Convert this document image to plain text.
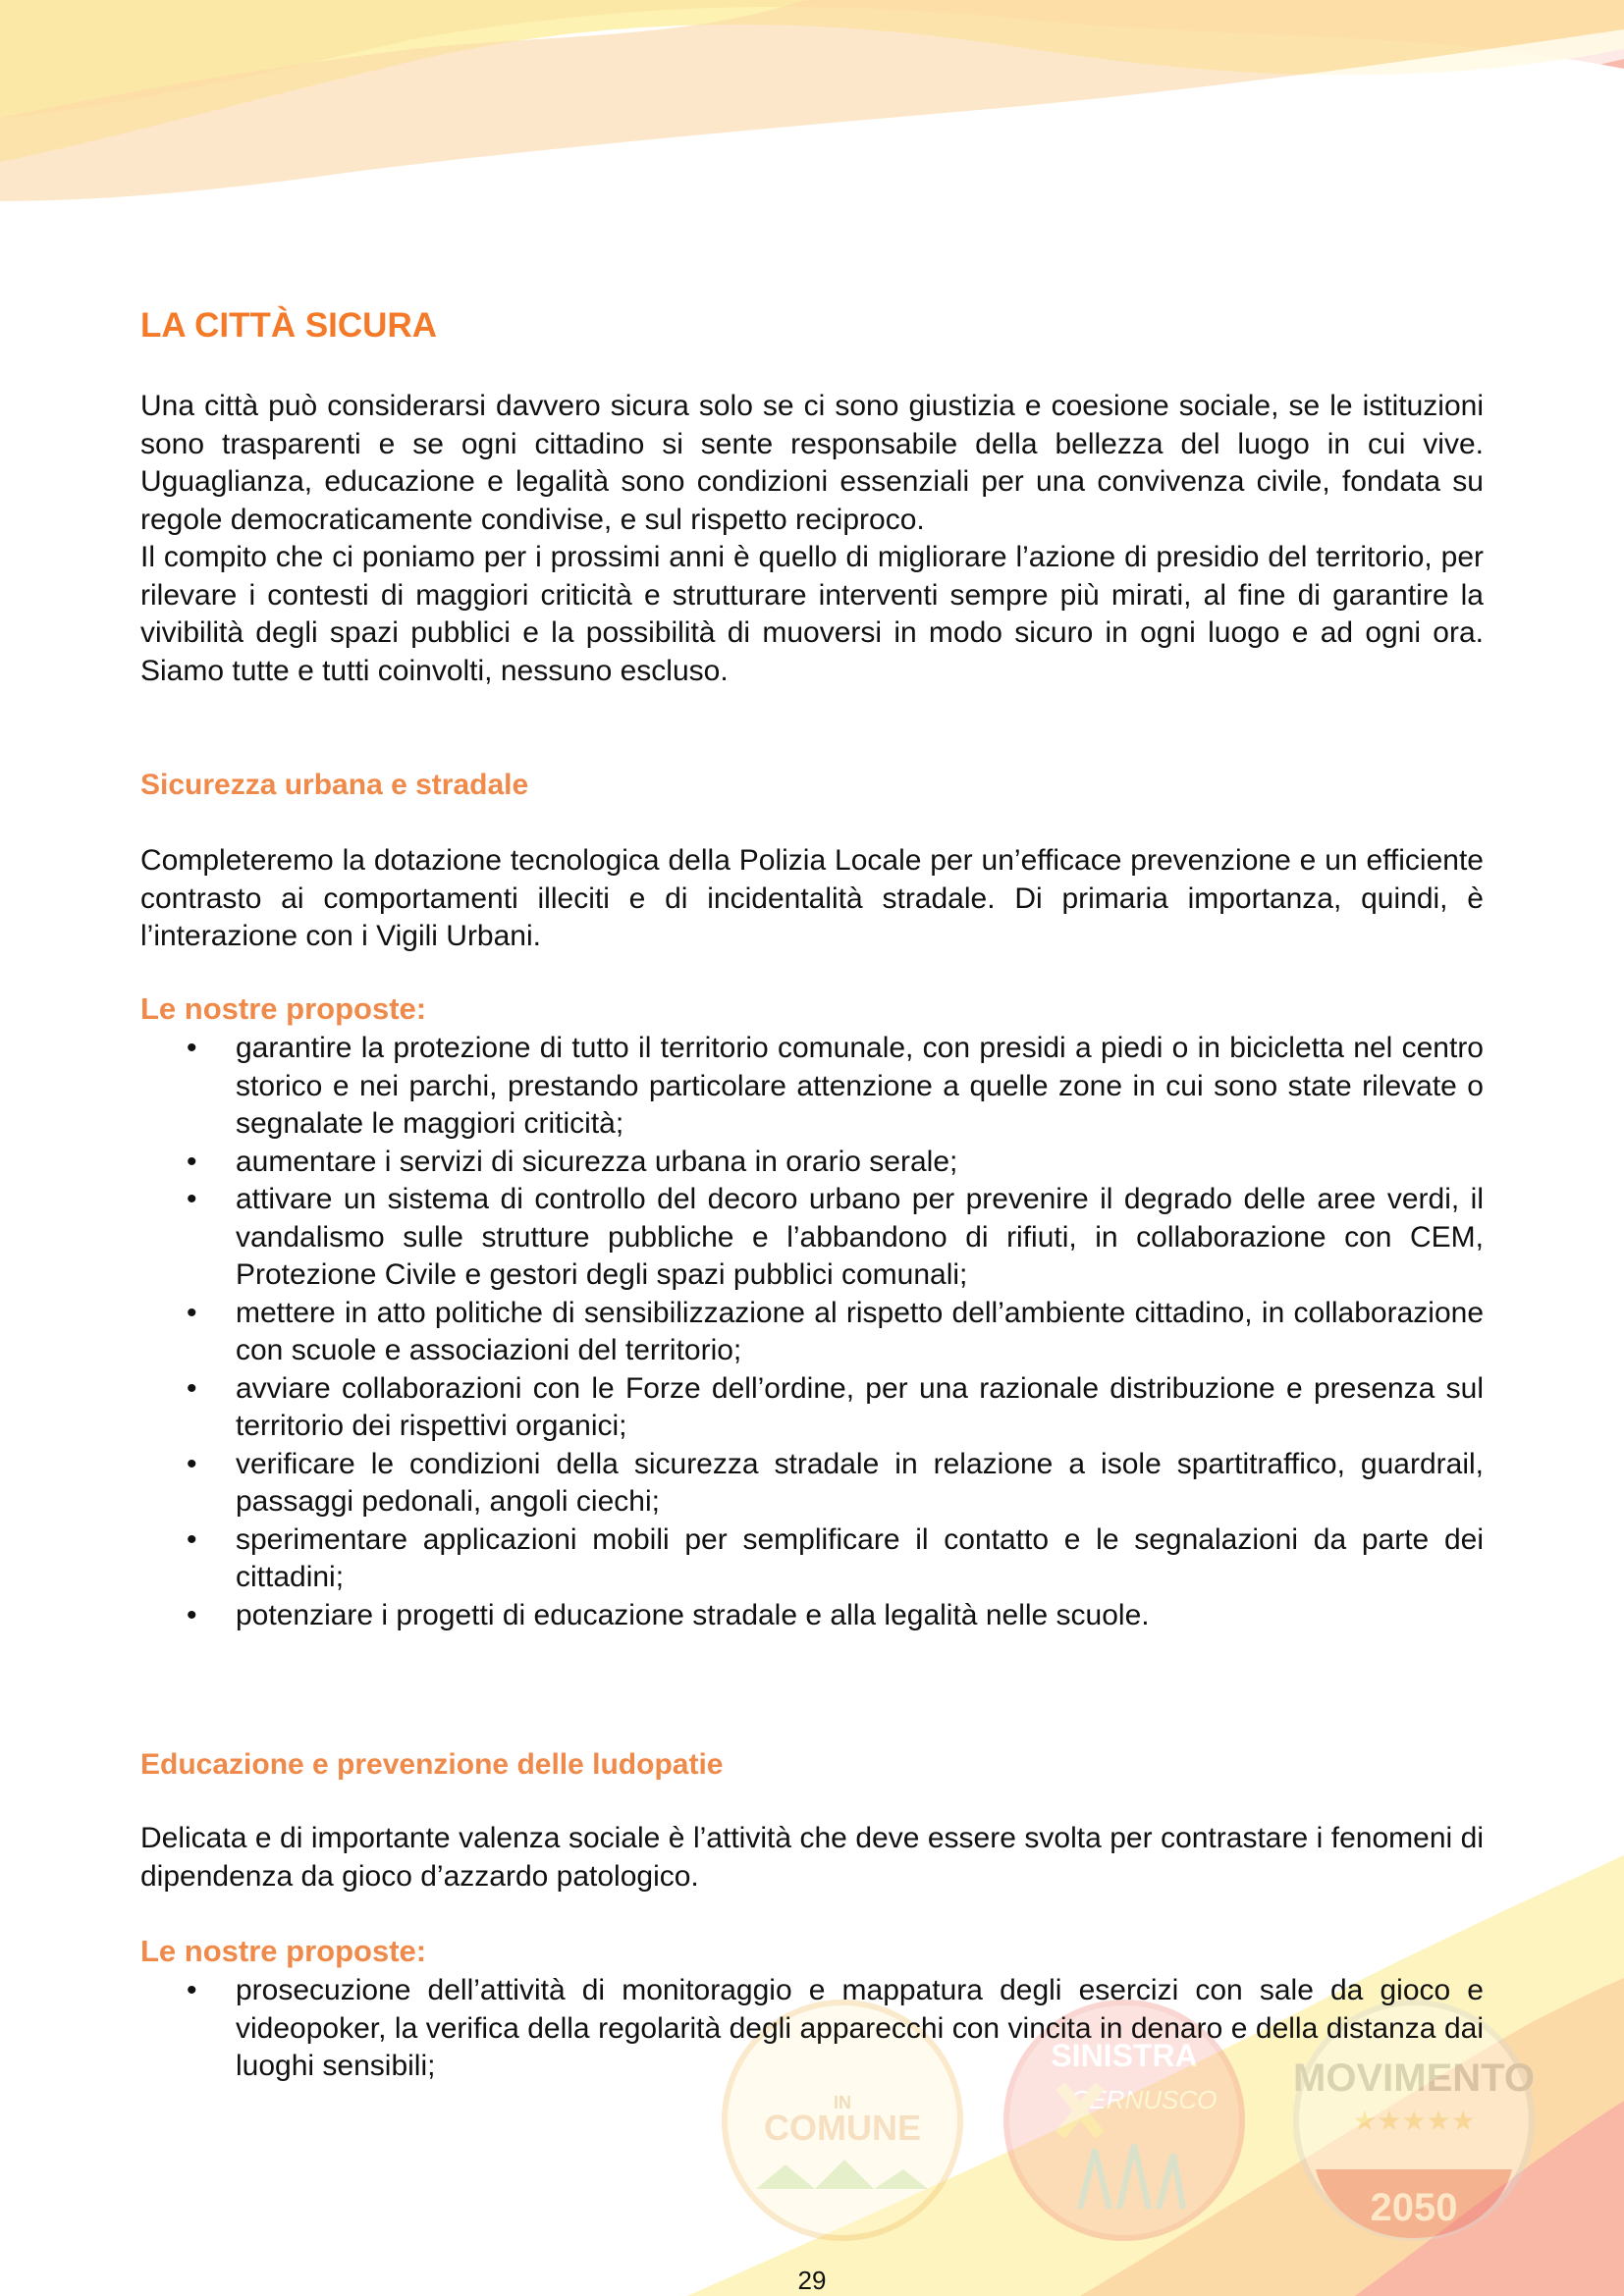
IN
COMUNE
SINISTRA
CERNUSCO MOVIMENTO
★★★★★
2050
LA CITTÀ SICURA
Una città può considerarsi davvero sicura solo se ci sono giustizia e coesione sociale, se le istituzioni sono trasparenti e se ogni cittadino si sente responsabile della bellezza del luogo in cui vive. Uguaglianza, educazione e legalità sono condizioni essenziali per una convivenza civile, fondata su regole democraticamente condivise, e sul rispetto reciproco.
Il compito che ci poniamo per i prossimi anni è quello di migliorare l’azione di presidio del territorio, per rilevare i contesti di maggiori criticità e strutturare interventi sempre più mirati, al fine di garantire la vivibilità degli spazi pubblici e la possibilità di muoversi in modo sicuro in ogni luogo e ad ogni ora. Siamo tutte e tutti coinvolti, nessuno escluso.
Sicurezza urbana e stradale

Completeremo la dotazione tecnologica della Polizia Locale per un’efficace prevenzione e un efficiente contrasto ai comportamenti illeciti e di incidentalità stradale. Di primaria importanza, quindi, è l’interazione con i Vigili Urbani.

Le nostre proposte:

• garantire la protezione di tutto il territorio comunale, con presidi a piedi o in bicicletta nel centro storico e nei parchi, prestando particolare attenzione a quelle zone in cui sono state rilevate o segnalate le maggiori criticità;
• aumentare i servizi di sicurezza urbana in orario serale;
• attivare un sistema di controllo del decoro urbano per prevenire il degrado delle aree verdi, il vandalismo sulle strutture pubbliche e l’abbandono di rifiuti, in collaborazione con CEM, Protezione Civile e gestori degli spazi pubblici comunali;
• mettere in atto politiche di sensibilizzazione al rispetto dell’ambiente cittadino, in collaborazione con scuole e associazioni del territorio;
• avviare collaborazioni con le Forze dell’ordine, per una razionale distribuzione e presenza sul territorio dei rispettivi organici;
• verificare le condizioni della sicurezza stradale in relazione a isole spartitraffico, guardrail, passaggi pedonali, angoli ciechi;
• sperimentare applicazioni mobili per semplificare il contatto e le segnalazioni da parte dei cittadini;
• potenziare i progetti di educazione stradale e alla legalità nelle scuole.
Educazione e prevenzione delle ludopatie

Delicata e di importante valenza sociale è l’attività che deve essere svolta per contrastare i fenomeni di dipendenza da gioco d’azzardo patologico.

Le nostre proposte:

• prosecuzione dell’attività di monitoraggio e mappatura degli esercizi con sale da gioco e videopoker, la verifica della regolarità degli apparecchi con vincita in denaro e della distanza dai luoghi sensibili;
29
